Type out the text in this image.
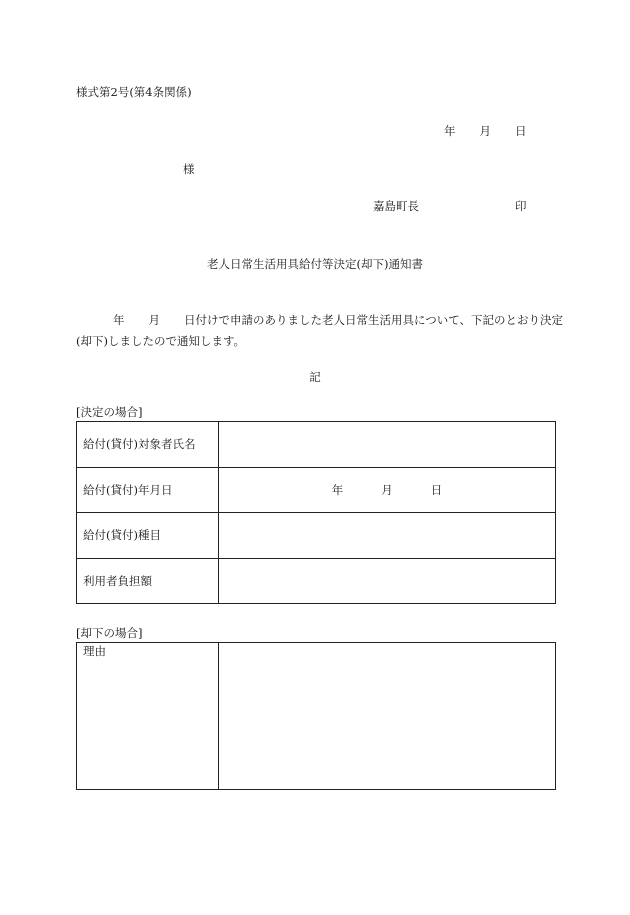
様式第2号(第4条関係)
年 月 日
様
嘉島町長	印
老人日常生活用具給付等決定(却下)通知書
年 月 日付けで申請のありました老人日常生活用具について、下記のとおり決定(却下)しましたので通知します。
記
[決定の場合]
給付(貸付)対象者氏名	
給付(貸付)年月日	年 月 日
給付(貸付)種目	
利用者負担額	
[却下の場合]
理由	
